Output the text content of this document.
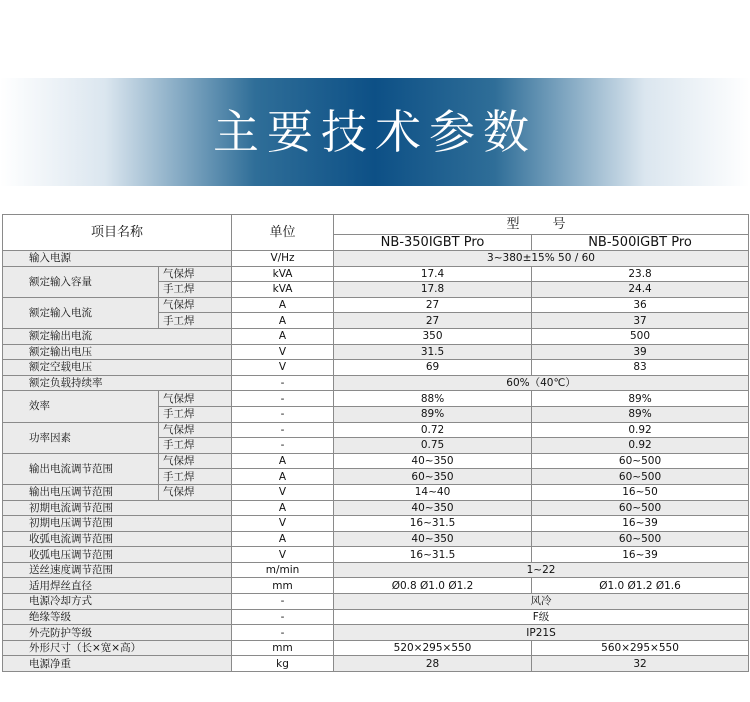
主要技术参数
项目名称		单位	型　号	
			NB-350IGBT Pro	NB-500IGBT Pro
输入电源		V/Hz	3~380±15% 50 / 60	
额定输入容量	气保焊	kVA	17.4	23.8
	手工焊	kVA	17.8	24.4
额定输入电流	气保焊	A	27	36
	手工焊	A	27	37
额定输出电流		A	350	500
额定输出电压		V	31.5	39
额定空载电压		V	69	83
额定负载持续率		-	60%（40℃）	
效率	气保焊	-	88%	89%
	手工焊	-	89%	89%
功率因素	气保焊	-	0.72	0.92
	手工焊	-	0.75	0.92
输出电流调节范围	气保焊	A	40~350	60~500
	手工焊	A	60~350	60~500
输出电压调节范围	气保焊	V	14~40	16~50
初期电流调节范围		A	40~350	60~500
初期电压调节范围		V	16~31.5	16~39
收弧电流调节范围		A	40~350	60~500
收弧电压调节范围		V	16~31.5	16~39
送丝速度调节范围		m/min	1~22	
适用焊丝直径		mm	Ø0.8 Ø1.0 Ø1.2	Ø1.0 Ø1.2 Ø1.6
电源冷却方式		-	风冷	
绝缘等级		-	F级	
外壳防护等级		-	IP21S	
外形尺寸（长×宽×高）		mm	520×295×550	560×295×550
电源净重		kg	28	32
